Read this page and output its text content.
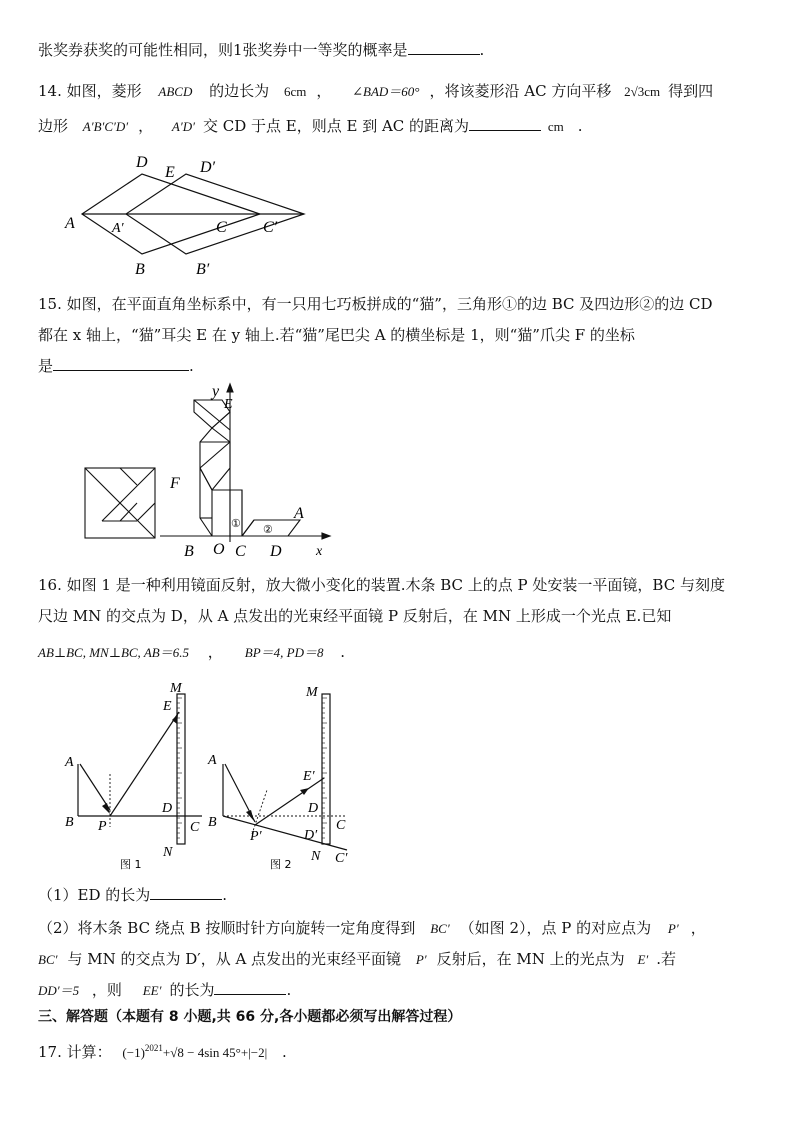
张奖券获奖的可能性相同，则1张奖券中一等奖的概率是	.
14. 如图，菱形 ABCD 的边长为 6cm ， ∠BAD＝60° ，将该菱形沿 AC 方向平移 2√3cm 得到四
边形 A′B′C′D′ ， A′D′ 交 CD 于点 E，则点 E 到 AC 的距离为	cm .
D
E D′
A	A′	C C′
B	B′
15. 如图，在平面直角坐标系中，有一只用七巧板拼成的“猫”，三角形①的边 BC 及四边形②的边 CD
都在 x 轴上，“猫”耳尖 E 在 y 轴上.若“猫”尾巴尖 A 的横坐标是 1，则“猫”爪尖 F 的坐标
是	.
E
y
F
A
① ②
B O C D x
16. 如图 1 是一种利用镜面反射，放大微小变化的装置.木条 BC 上的点 P 处安装一平面镜，BC 与刻度
尺边 MN 的交点为 D，从 A 点发出的光束经平面镜 P 反射后，在 MN 上形成一个光点 E.已知
AB⊥BC, MN⊥BC, AB＝6.5 ， BP＝4, PD＝8 .
M
E
A
D
B P	C
N
图 1
M
A
E′
D
D′
C
B
P′
N C′
图 2
（1）ED 的长为	.
（2）将木条 BC 绕点 B 按顺时针方向旋转一定角度得到 BC′ （如图 2），点 P 的对应点为 P′ ，
BC′ 与 MN 的交点为 D′，从 A 点发出的光束经平面镜 P′ 反射后，在 MN 上的光点为 E′ .若
DD′＝5 ，则 EE′ 的长为	.
三、解答题（本题有 8 小题,共 66 分,各小题都必须写出解答过程）
17. 计算： $(-1)^{2021}+√8 - 4\sin$ 45°+|−2| .
